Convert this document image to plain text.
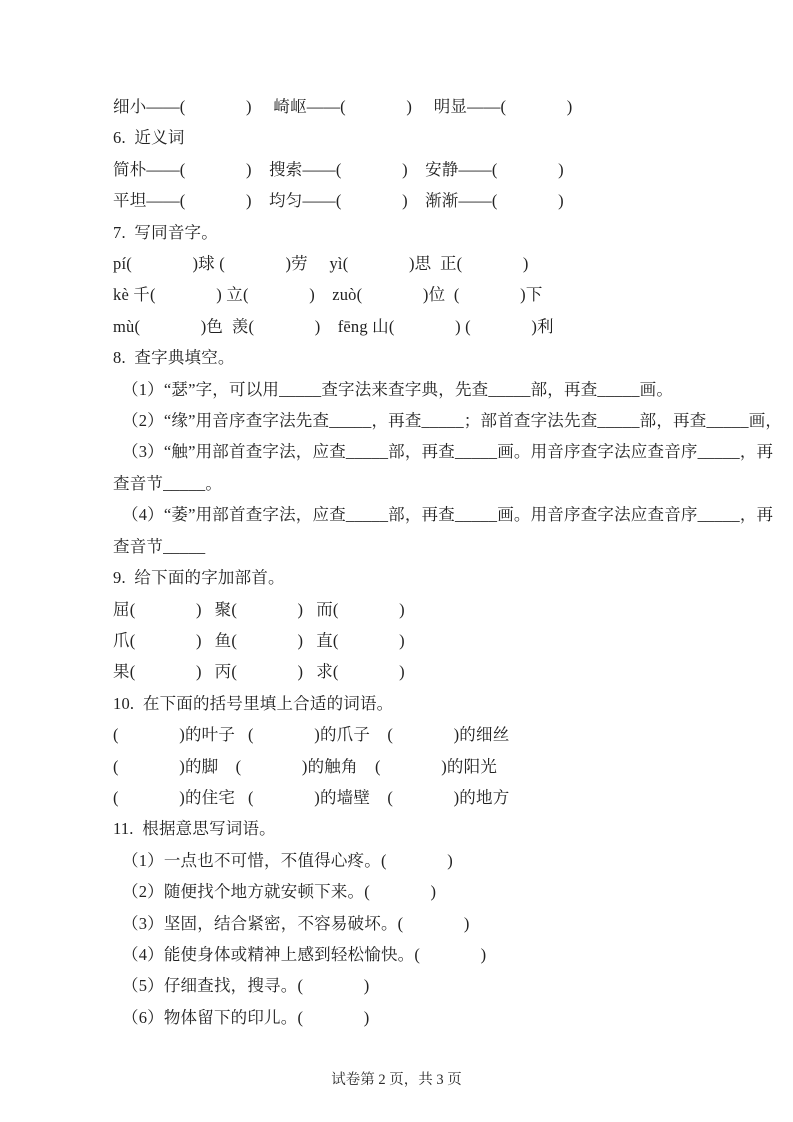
细小——(              )     崎岖——(              )     明显——(              )
6.  近义词
简朴——(              )    搜索——(              )    安静——(              )
平坦——(              )    均匀——(              )    渐渐——(              )
7.  写同音字。
pí(              )球 (              )劳     yì(              )思  正(              )
kè 千(              ) 立(              )    zuò(              )位  (              )下
mù(              )色  羡(              )    fēng 山(              ) (              )利
8.  查字典填空。
（1）“瑟”字，可以用_____查字法来查字典，先查_____部，再查_____画。
（2）“缘”用音序查字法先查_____，再查_____；部首查字法先查_____部，再查_____画，
（3）“触”用部首查字法，应查_____部，再查_____画。用音序查字法应查音序_____，再
查音节_____。
（4）“萎”用部首查字法，应查_____部，再查_____画。用音序查字法应查音序_____，再
查音节_____
9.  给下面的字加部首。
屈(              )   聚(              )   而(              )
爪(              )   鱼(              )   直(              )
果(              )   丙(              )   求(              )
10.  在下面的括号里填上合适的词语。
(              )的叶子   (              )的爪子    (              )的细丝
(              )的脚    (              )的触角    (              )的阳光
(              )的住宅   (              )的墙壁    (              )的地方
11.  根据意思写词语。
（1）一点也不可惜，不值得心疼。(              )
（2）随便找个地方就安顿下来。(              )
（3）坚固，结合紧密，不容易破坏。(              )
（4）能使身体或精神上感到轻松愉快。(              )
（5）仔细查找，搜寻。(              )
（6）物体留下的印儿。(              )
试卷第 2 页，共 3 页
